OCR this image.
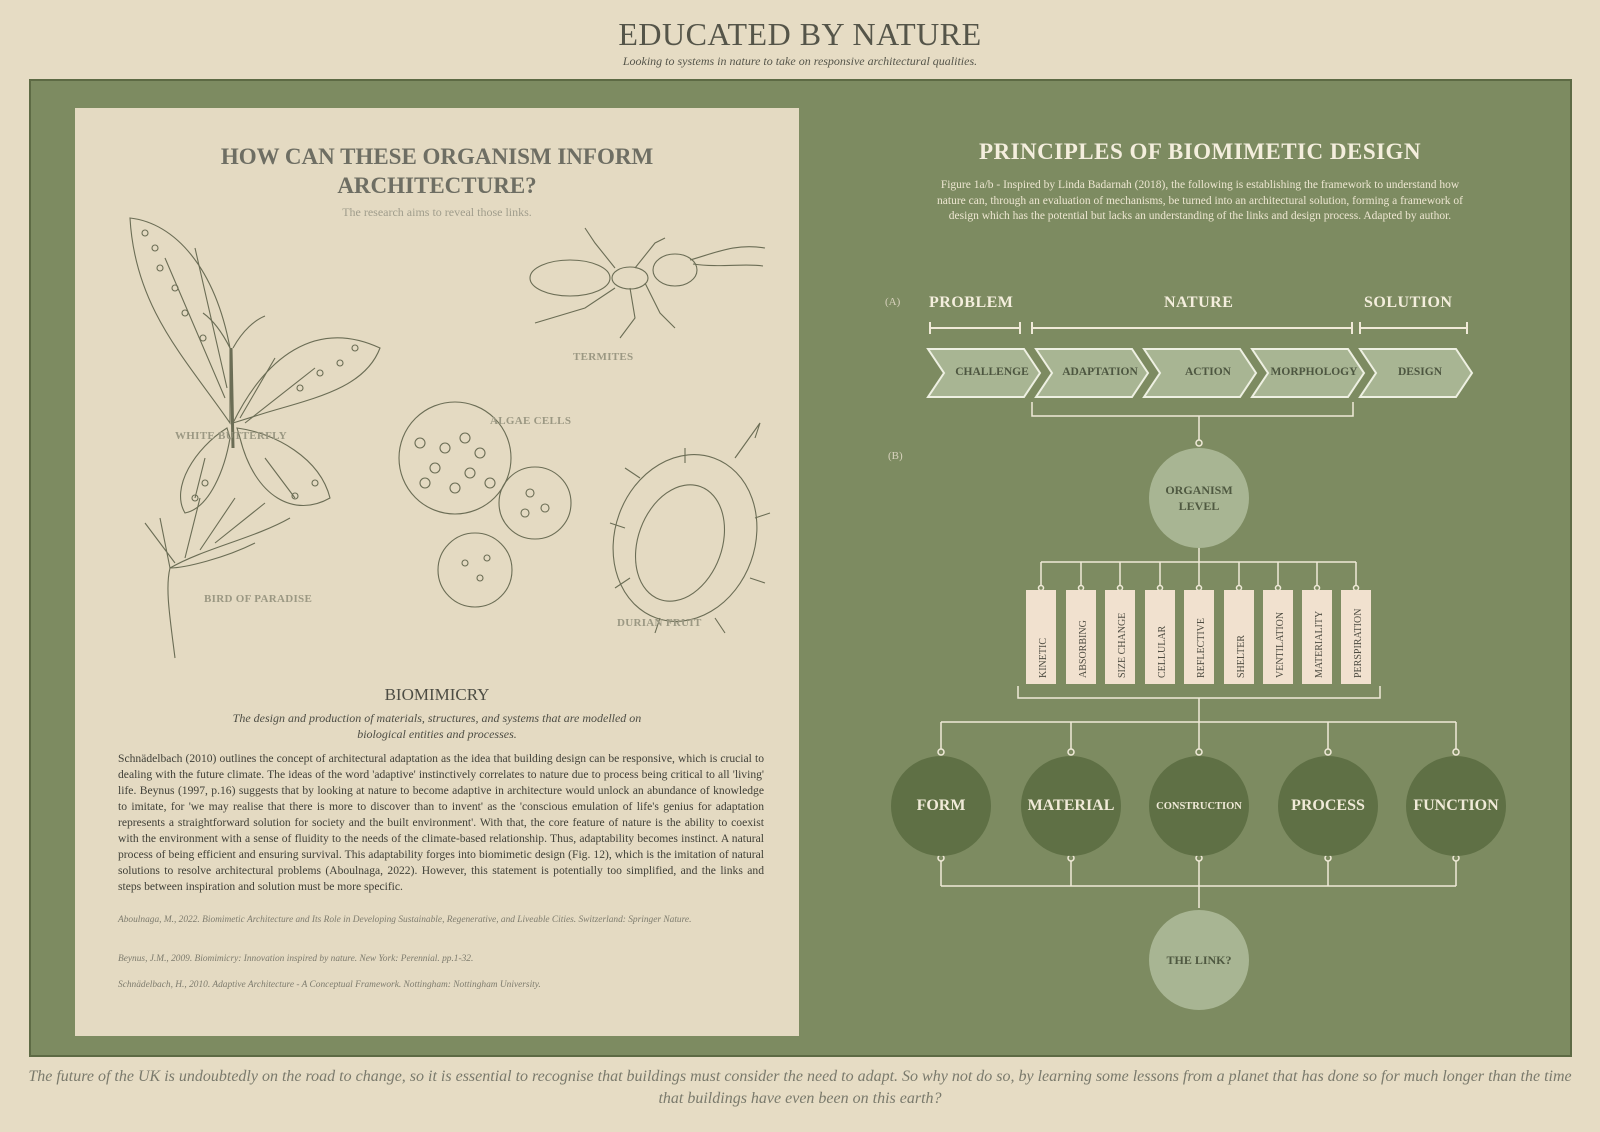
EDUCATED BY NATURE
Looking to systems in nature to take on responsive architectural qualities.
HOW CAN THESE ORGANISM INFORM ARCHITECTURE?
The research aims to reveal those links.
WHITE BUTTERFLY
TERMITES
ALGAE CELLS
BIRD OF PARADISE
DURIAN FRUIT
BIOMIMICRY
The design and production of materials, structures, and systems that are modelled on biological entities and processes.
Schnädelbach (2010) outlines the concept of architectural adaptation as the idea that building design can be responsive, which is crucial to dealing with the future climate. The ideas of the word 'adaptive' instinctively correlates to nature due to process being critical to all 'living' life. Beynus (1997, p.16) suggests that by looking at nature to become adaptive in architecture would unlock an abundance of knowledge to imitate, for 'we may realise that there is more to discover than to invent' as the 'conscious emulation of life's genius for adaptation represents a straightforward solution for society and the built environment'. With that, the core feature of nature is the ability to coexist with the environment with a sense of fluidity to the needs of the climate-based relationship. Thus, adaptability becomes instinct. A natural process of being efficient and ensuring survival. This adaptability forges into biomimetic design (Fig. 12), which is the imitation of natural solutions to resolve architectural problems (Aboulnaga, 2022). However, this statement is potentially too simplified, and the links and steps between inspiration and solution must be more specific.
Aboulnaga, M., 2022. Biomimetic Architecture and Its Role in Developing Sustainable, Regenerative, and Liveable Cities. Switzerland: Springer Nature.
Beynus, J.M., 2009. Biomimicry: Innovation inspired by nature. New York: Perennial. pp.1-32.
Schnädelbach, H., 2010. Adaptive Architecture - A Conceptual Framework. Nottingham: Nottingham University.
PRINCIPLES OF BIOMIMETIC DESIGN
Figure 1a/b - Inspired by Linda Badarnah (2018), the following is establishing the framework to understand how nature can, through an evaluation of mechanisms, be turned into an architectural solution, forming a framework of design which has the potential but lacks an understanding of the links and design process. Adapted by author.
(A)
(B)
PROBLEM	NATURE	SOLUTION
CHALLENGE	ADAPTATION	ACTION	MORPHOLOGY	DESIGN
ORGANISM LEVEL
KINETIC	ABSORBING	SIZE CHANGE	CELLULAR	REFLECTIVE	SHELTER	VENTILATION	MATERIALITY	PERSPIRATION
FORM	MATERIAL	CONSTRUCTION	PROCESS	FUNCTION
THE LINK?
The future of the UK is undoubtedly on the road to change, so it is essential to recognise that buildings must consider the need to adapt. So why not do so, by learning some lessons from a planet that has done so for much longer than the time that buildings have even been on this earth?
